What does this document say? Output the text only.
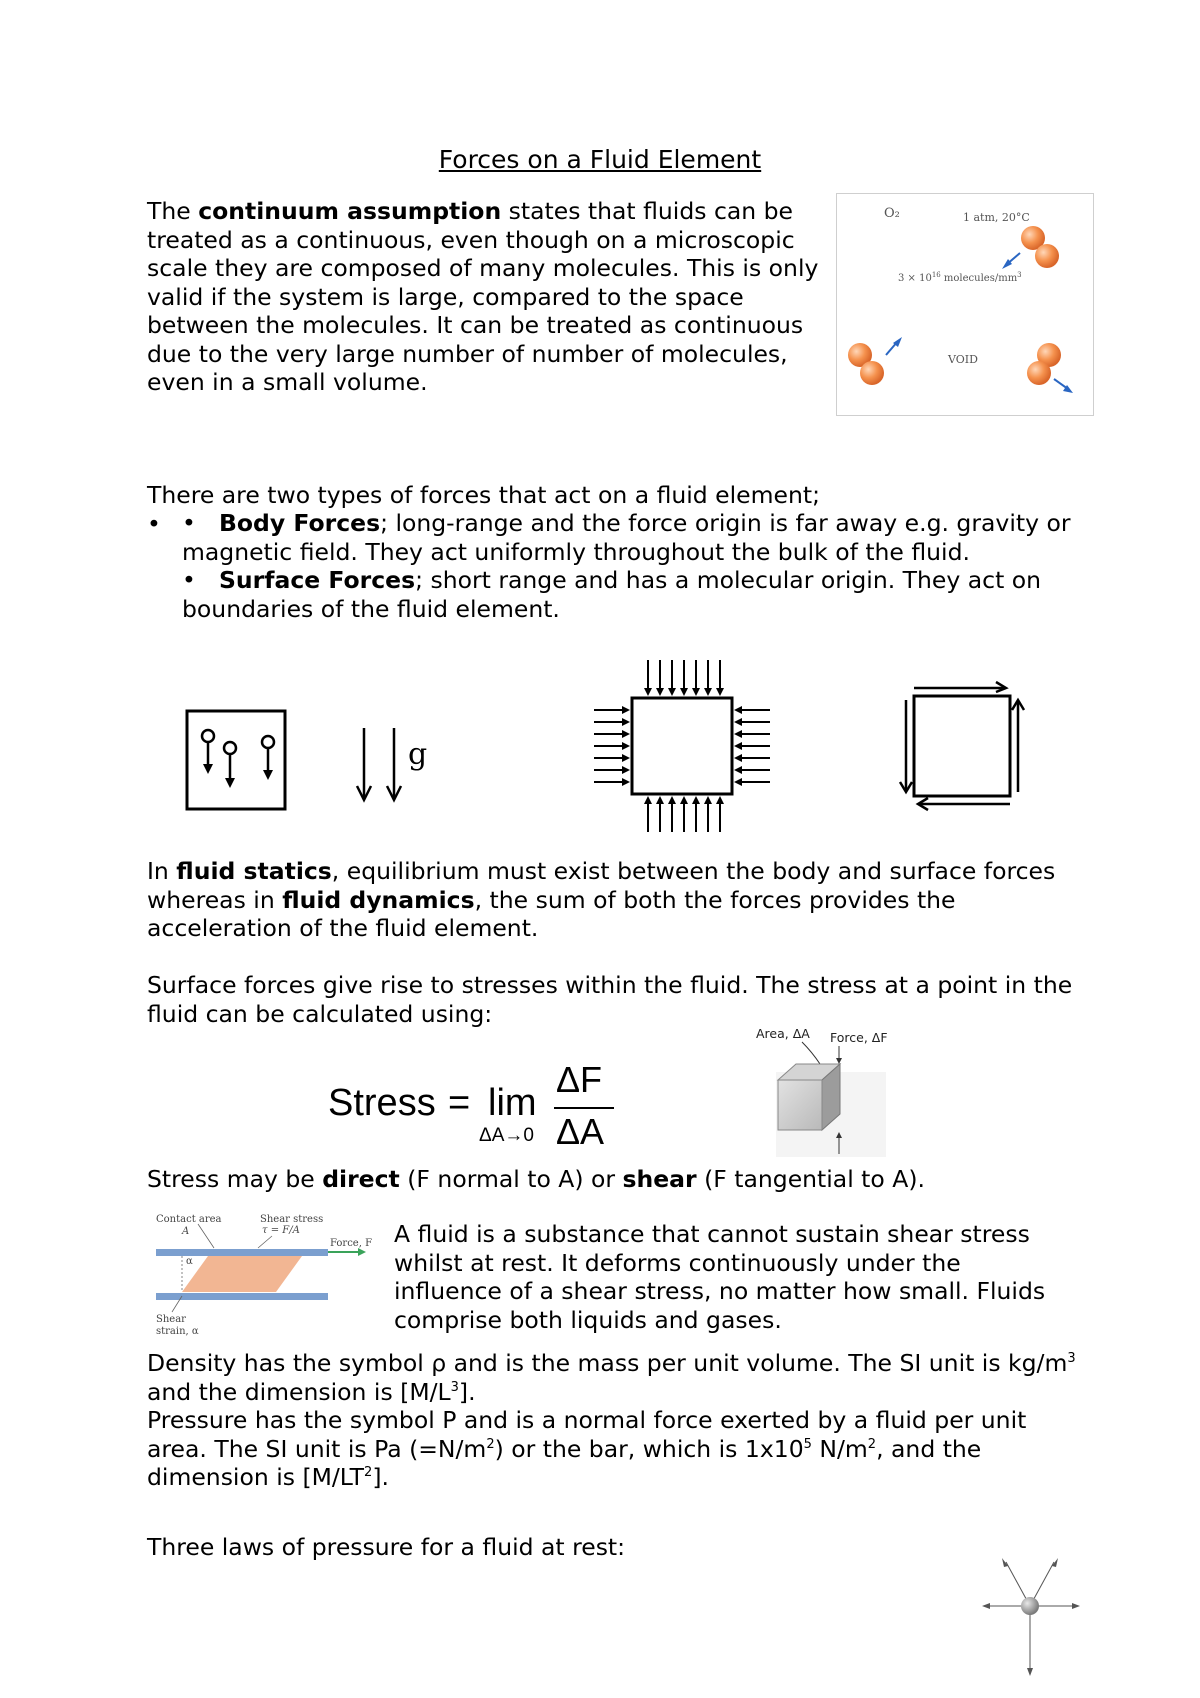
Forces on a Fluid Element

The continuum assumption states that fluids can be treated as a continuous, even though on a microscopic scale they are composed of many molecules. This is only valid if the system is large, compared to the space between the molecules. It can be treated as continuous due to the very large number of number of molecules, even in a small volume.

O₂	1 atm, 20°C
$3 \times 10^{16}$ molecules/$mm^3$
VOID

There are two types of forces that act on a fluid element;

• Body Forces; long-range and the force origin is far away e.g. gravity or magnetic field. They act uniformly throughout the bulk of the fluid.
• Surface Forces; short range and has a molecular origin. They act on boundaries of the fluid element.
g

In fluid statics, equilibrium must exist between the body and surface forces whereas in fluid dynamics, the sum of both the forces provides the acceleration of the fluid element.

Surface forces give rise to stresses within the fluid. The stress at a point in the fluid can be calculated using:

Stress = lim
ΔA→0
ΔF
ΔA
Area, ΔA Force, ΔF

Stress may be direct (F normal to A) or shear (F tangential to A).

Contact area
A
Shear stress
τ = F/A
Force, F
α
Shear
strain, α

A fluid is a substance that cannot sustain shear stress whilst at rest. It deforms continuously under the influence of a shear stress, no matter how small. Fluids comprise both liquids and gases.

Density has the symbol ρ and is the mass per unit volume. The SI unit is $kg/m^3$ and the dimension is $[M/L^3]$.

Pressure has the symbol P and is a normal force exerted by a fluid per unit area. The SI unit is Pa $(=N/m^2)$ or the bar, which is $1x10^5$ $N/m^2$, and the dimension is $[M/LT^2]$.

Three laws of pressure for a fluid at rest:
